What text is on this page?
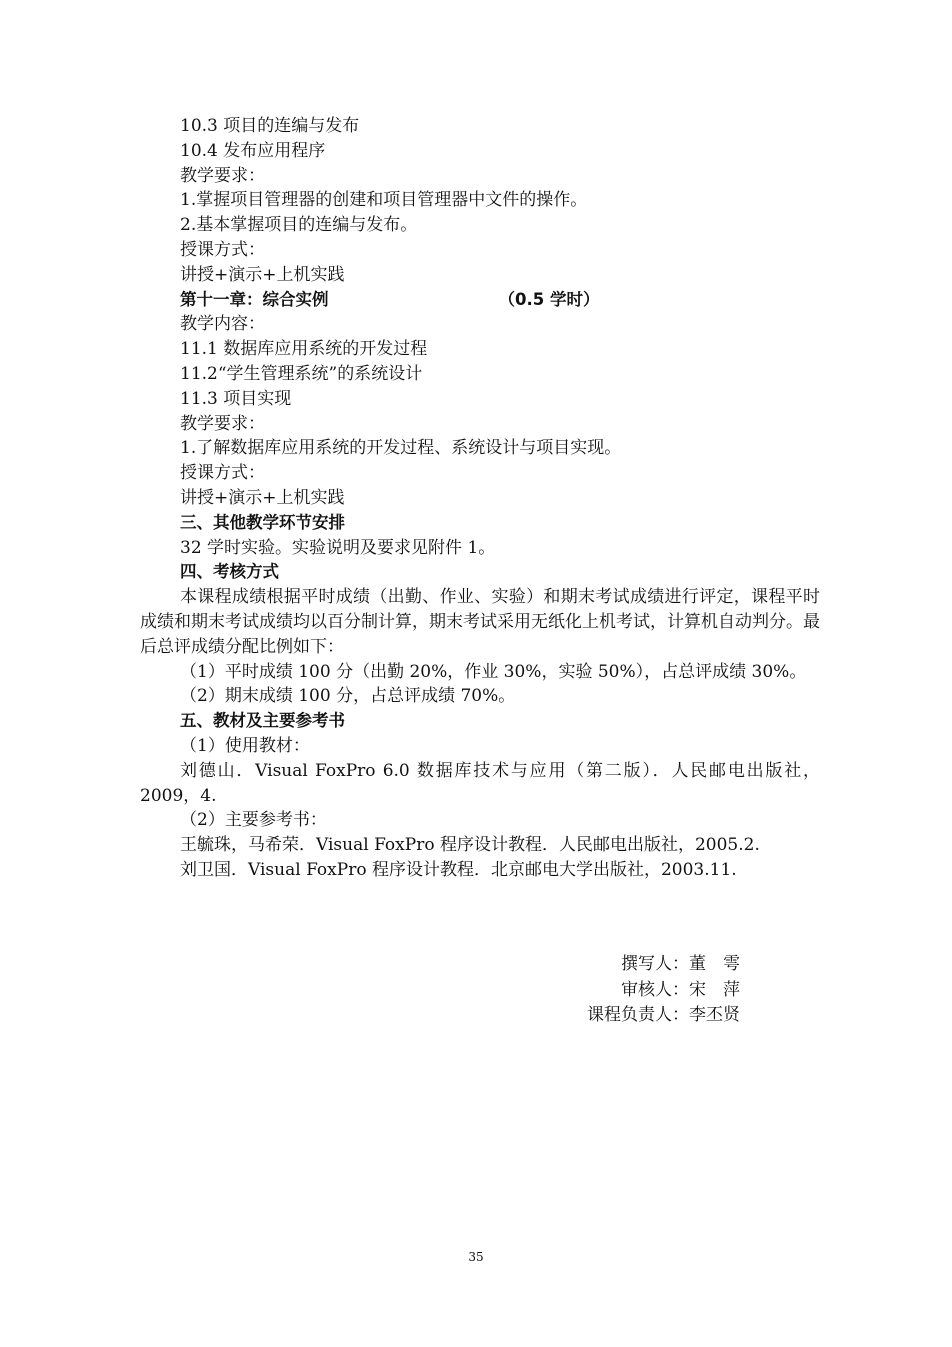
10.3 项目的连编与发布
10.4 发布应用程序
教学要求：
1.掌握项目管理器的创建和项目管理器中文件的操作。
2.基本掌握项目的连编与发布。
授课方式：
讲授+演示+上机实践
第十一章：综合实例	（0.5 学时）
教学内容：
11.1 数据库应用系统的开发过程
11.2“学生管理系统”的系统设计
11.3 项目实现
教学要求：
1.了解数据库应用系统的开发过程、系统设计与项目实现。
授课方式：
讲授+演示+上机实践
三、其他教学环节安排
32 学时实验。实验说明及要求见附件 1。
四、考核方式
本课程成绩根据平时成绩（出勤、作业、实验）和期末考试成绩进行评定，课程平时成绩和期末考试成绩均以百分制计算，期末考试采用无纸化上机考试，计算机自动判分。最后总评成绩分配比例如下：
（1）平时成绩 100 分（出勤 20%，作业 30%，实验 50%），占总评成绩 30%。
（2）期末成绩 100 分，占总评成绩 70%。
五、教材及主要参考书
（1）使用教材：
刘德山．Visual FoxPro 6.0 数据库技术与应用（第二版）．人民邮电出版社，2009，4.
（2）主要参考书：
王毓珠，马希荣．Visual FoxPro 程序设计教程．人民邮电出版社，2005.2.
刘卫国．Visual FoxPro 程序设计教程．北京邮电大学出版社，2003.11.
撰写人：董　雩
审核人：宋　萍
课程负责人：李丕贤
35
